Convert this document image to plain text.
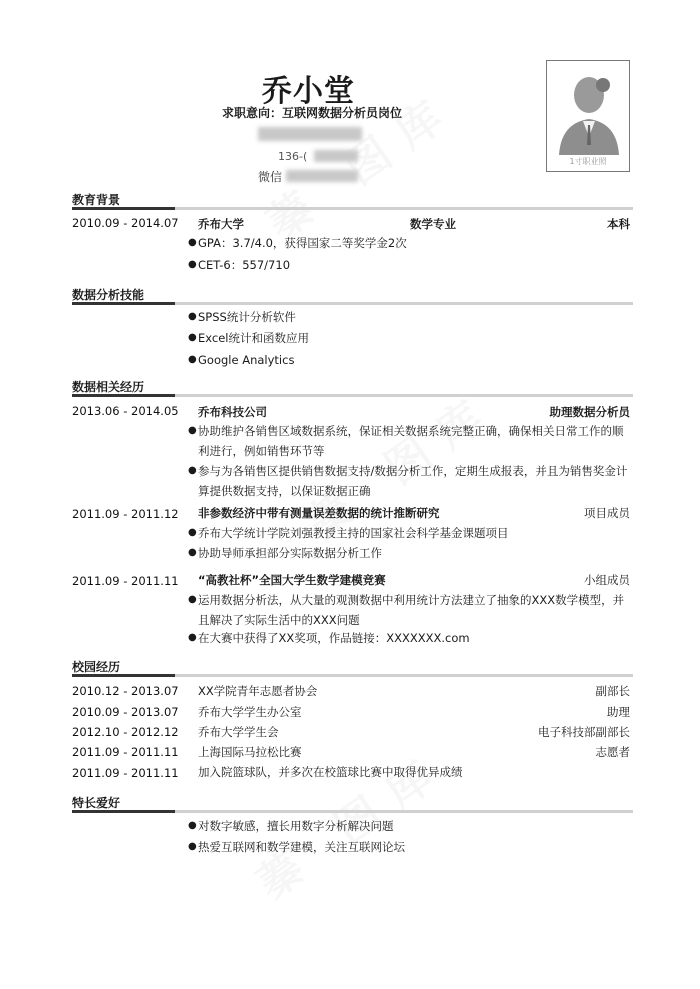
乔小堂
求职意向：互联网数据分析员岗位
136-(
微信
1寸职业照
教育背景
2010.09 - 2014.07 乔布大学	数学专业	本科
● GPA：3.7/4.0，获得国家二等奖学金2次
● CET-6：557/710
数据分析技能
● SPSS统计分析软件
● Excel统计和函数应用
● Google Analytics
数据相关经历
2013.06 - 2014.05 乔布科技公司	助理数据分析员
● 协助维护各销售区域数据系统，保证相关数据系统完整正确，确保相关日常工作的顺利进行，例如销售环节等
● 参与为各销售区提供销售数据支持/数据分析工作，定期生成报表，并且为销售奖金计算提供数据支持，以保证数据正确
2011.09 - 2011.12 非参数经济中带有测量误差数据的统计推断研究	项目成员
● 乔布大学统计学院刘强教授主持的国家社会科学基金课题项目
● 协助导师承担部分实际数据分析工作
2011.09 - 2011.11 “高教社杯”全国大学生数学建模竞赛	小组成员
● 运用数据分析法，从大量的观测数据中利用统计方法建立了抽象的XXX数学模型，并且解决了实际生活中的XXX问题
● 在大赛中获得了XX奖项，作品链接：XXXXXXX.com
校园经历
2010.12 - 2013.07 XX学院青年志愿者协会	副部长
2010.09 - 2013.07 乔布大学学生办公室	助理
2012.10 - 2012.12 乔布大学学生会	电子科技部副部长
2011.09 - 2011.11 上海国际马拉松比赛	志愿者
2011.09 - 2011.11 加入院篮球队，并多次在校篮球比赛中取得优异成绩
特长爱好
● 对数字敏感，擅长用数字分析解决问题
● 热爱互联网和数学建模，关注互联网论坛
